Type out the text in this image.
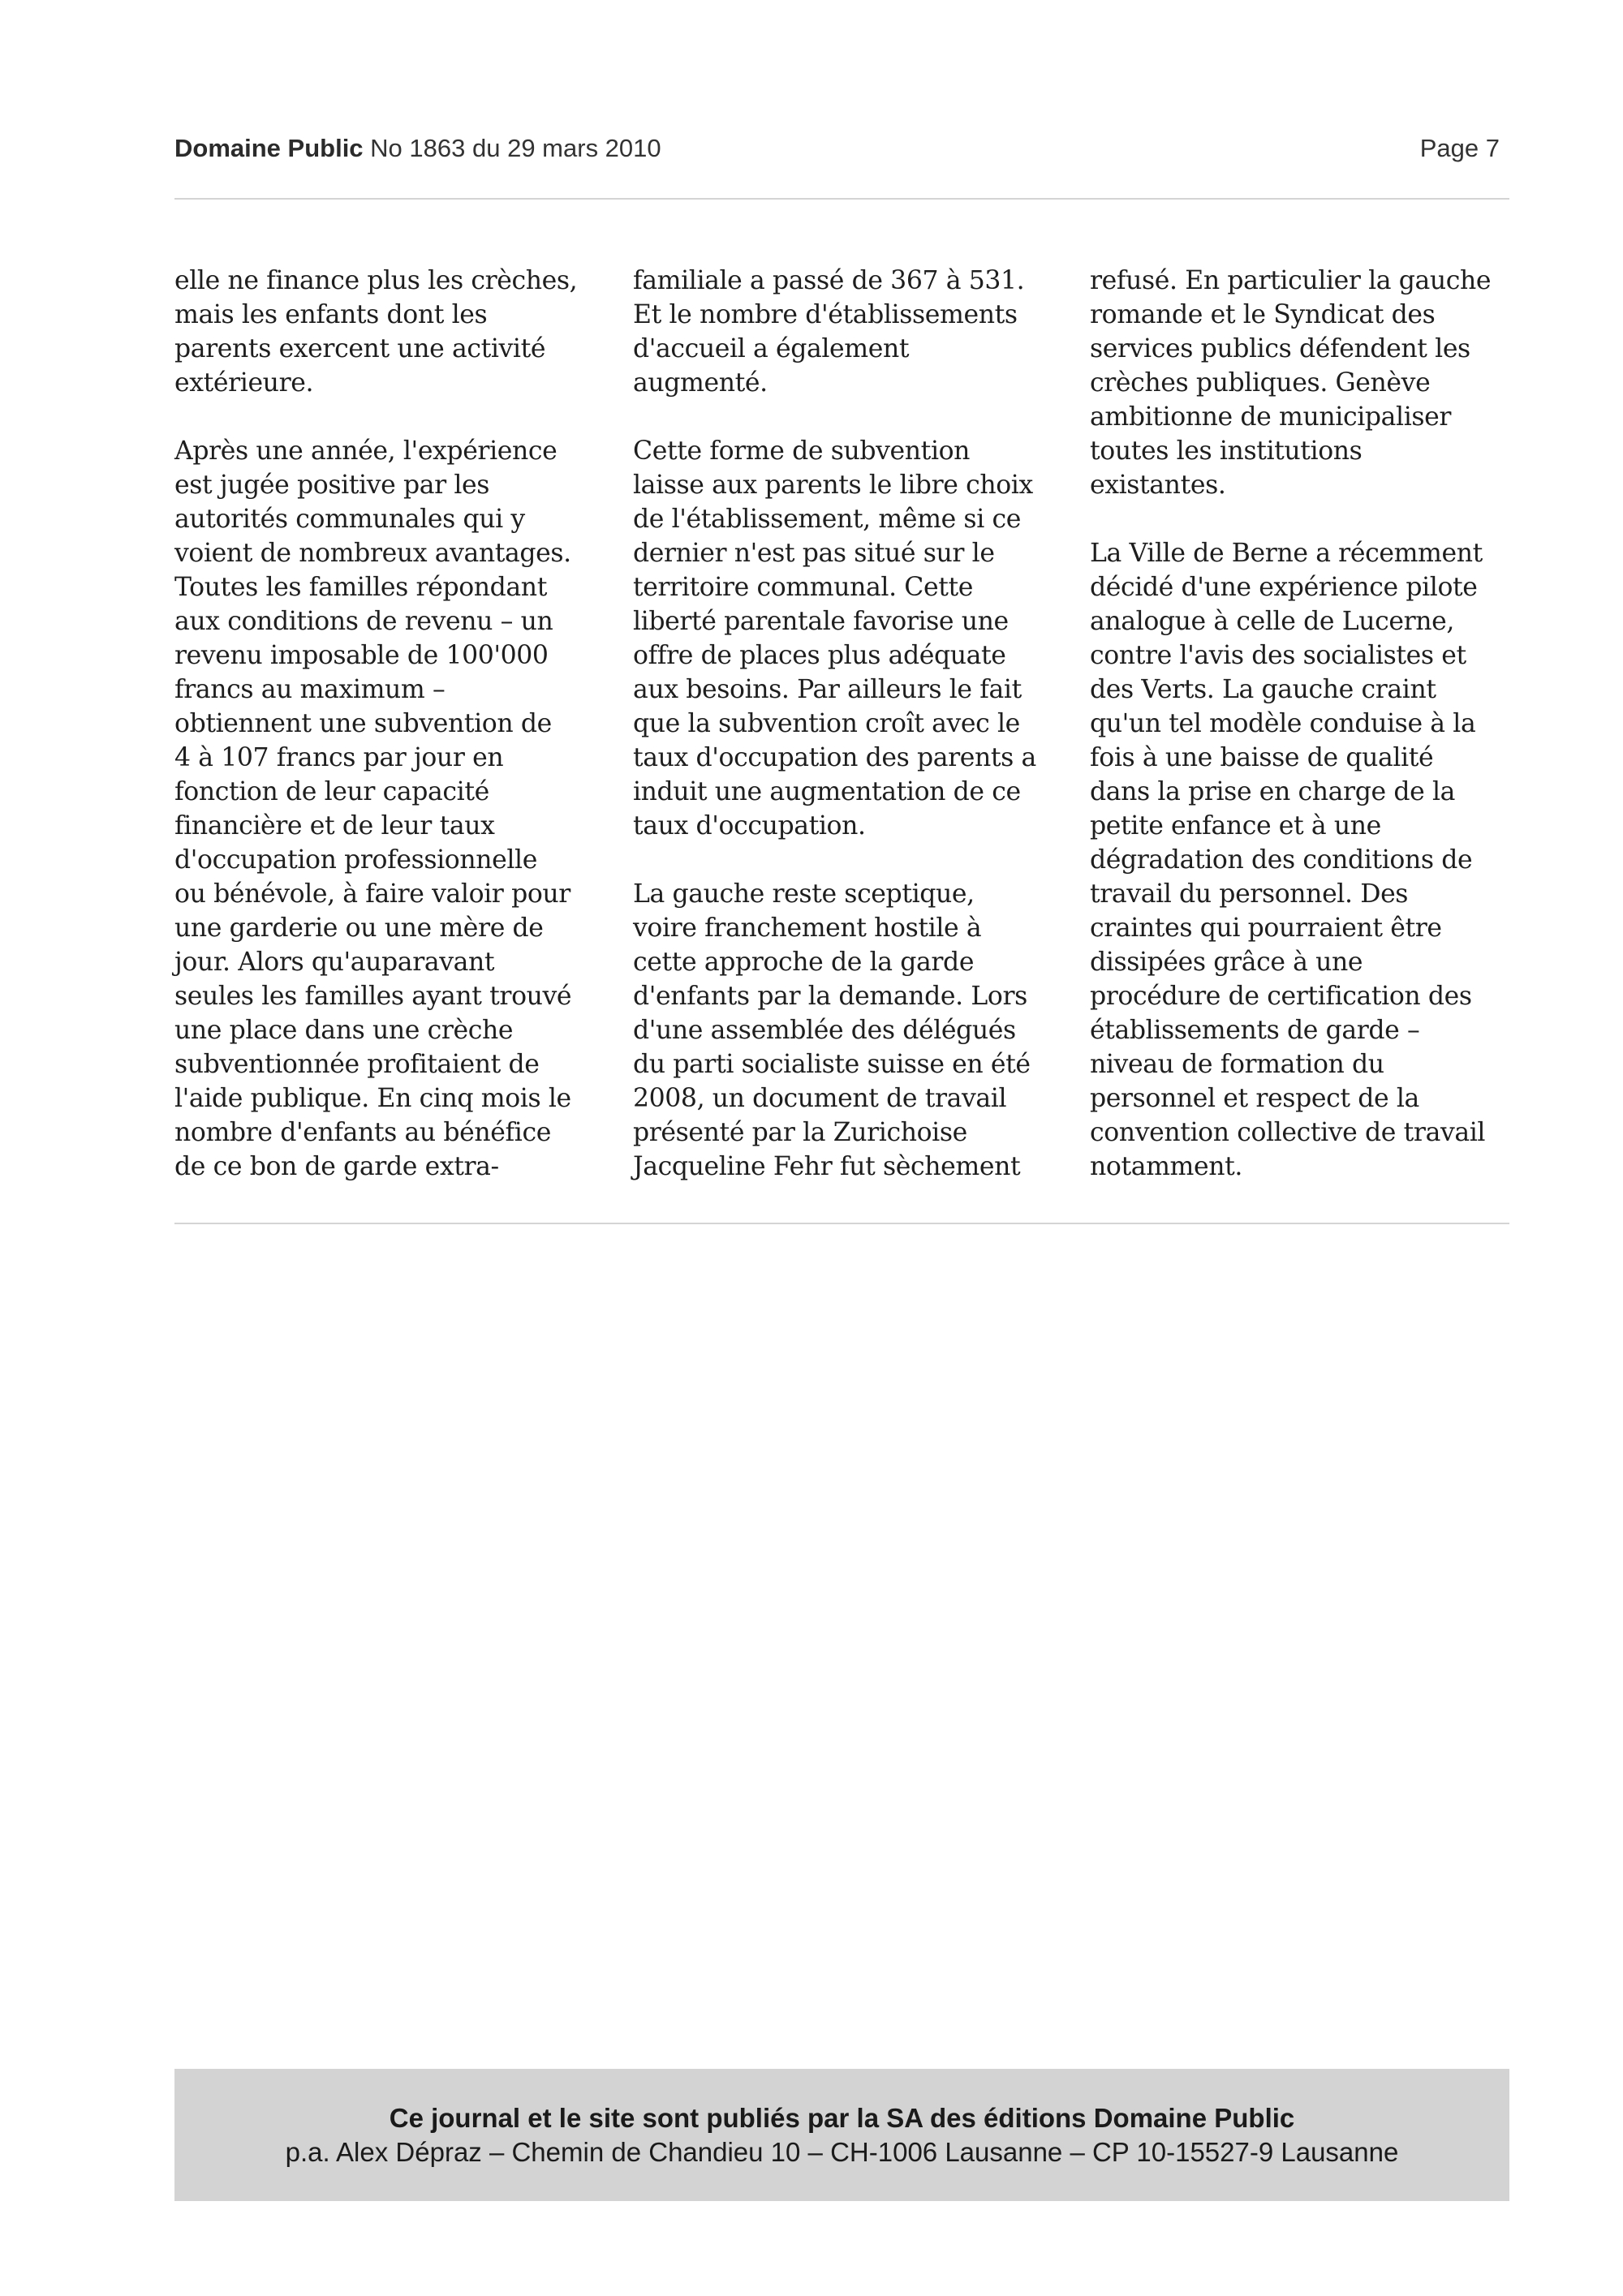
Domaine Public No 1863 du 29 mars 2010	Page 7

elle ne finance plus les crèches,
mais les enfants dont les
parents exercent une activité
extérieure.

Après une année, l'expérience
est jugée positive par les
autorités communales qui y
voient de nombreux avantages.
Toutes les familles répondant
aux conditions de revenu – un
revenu imposable de 100'000
francs au maximum –
obtiennent une subvention de
4 à 107 francs par jour en
fonction de leur capacité
financière et de leur taux
d'occupation professionnelle
ou bénévole, à faire valoir pour
une garderie ou une mère de
jour. Alors qu'auparavant
seules les familles ayant trouvé
une place dans une crèche
subventionnée profitaient de
l'aide publique. En cinq mois le
nombre d'enfants au bénéfice
de ce bon de garde extra-

familiale a passé de 367 à 531.
Et le nombre d'établissements
d'accueil a également
augmenté.

Cette forme de subvention
laisse aux parents le libre choix
de l'établissement, même si ce
dernier n'est pas situé sur le
territoire communal. Cette
liberté parentale favorise une
offre de places plus adéquate
aux besoins. Par ailleurs le fait
que la subvention croît avec le
taux d'occupation des parents a
induit une augmentation de ce
taux d'occupation.

La gauche reste sceptique,
voire franchement hostile à
cette approche de la garde
d'enfants par la demande. Lors
d'une assemblée des délégués
du parti socialiste suisse en été
2008, un document de travail
présenté par la Zurichoise
Jacqueline Fehr fut sèchement

refusé. En particulier la gauche
romande et le Syndicat des
services publics défendent les
crèches publiques. Genève
ambitionne de municipaliser
toutes les institutions
existantes.

La Ville de Berne a récemment
décidé d'une expérience pilote
analogue à celle de Lucerne,
contre l'avis des socialistes et
des Verts. La gauche craint
qu'un tel modèle conduise à la
fois à une baisse de qualité
dans la prise en charge de la
petite enfance et à une
dégradation des conditions de
travail du personnel. Des
craintes qui pourraient être
dissipées grâce à une
procédure de certification des
établissements de garde –
niveau de formation du
personnel et respect de la
convention collective de travail
notamment.

Ce journal et le site sont publiés par la SA des éditions Domaine Public
p.a. Alex Dépraz – Chemin de Chandieu 10 – CH-1006 Lausanne – CP 10-15527-9 Lausanne
